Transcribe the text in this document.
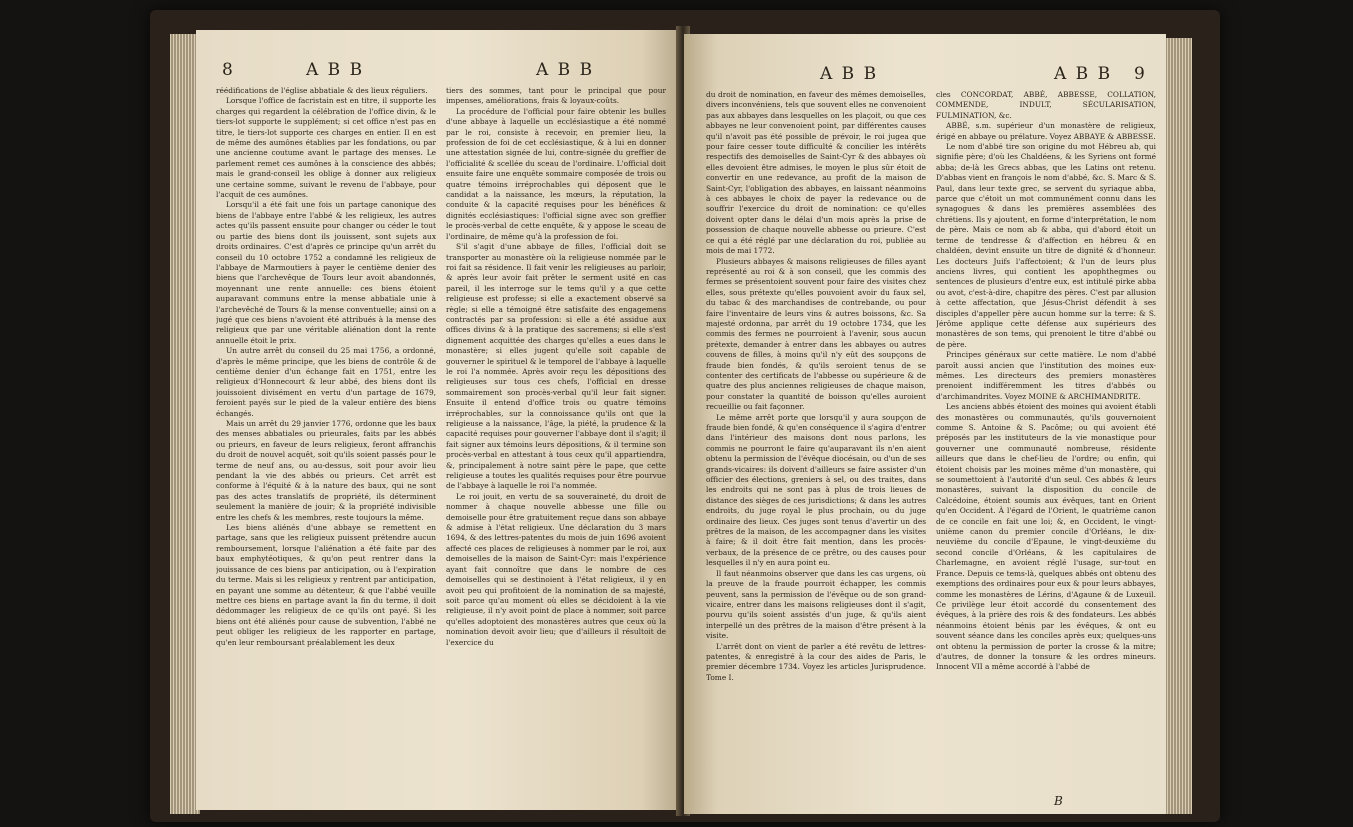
8	A B B	A B B

réédifications de l'église abbatiale & des lieux réguliers.

Lorsque l'office de facristain est en titre, il supporte les charges qui regardent la célébration de l'office divin, & le tiers-lot supporte le supplément; si cet office n'est pas en titre, le tiers-lot supporte ces charges en entier. Il en est de même des aumônes établies par les fondations, ou par une ancienne coutume avant le partage des menses. Le parlement remet ces aumônes à la conscience des abbés; mais le grand-conseil les oblige à donner aux religieux une certaine somme, suivant le revenu de l'abbaye, pour l'acquit de ces aumônes.

Lorsqu'il a été fait une fois un partage canonique des biens de l'abbaye entre l'abbé & les religieux, les autres actes qu'ils passent ensuite pour changer ou céder le tout ou partie des biens dont ils jouissent, sont sujets aux droits ordinaires. C'est d'après ce principe qu'un arrêt du conseil du 10 octobre 1752 a condamné les religieux de l'abbaye de Marmoutiers à payer le centième denier des biens que l'archevêque de Tours leur avoit abandonnés, moyennant une rente annuelle: ces biens étoient auparavant communs entre la mense abbatiale unie à l'archevêché de Tours & la mense conventuelle; ainsi on a jugé que ces biens n'avoient été attribués à la mense des religieux que par une véritable aliénation dont la rente annuelle étoit le prix.

Un autre arrêt du conseil du 25 mai 1756, a ordonné, d'après le même principe, que les biens de contrôle & de centième denier d'un échange fait en 1751, entre les religieux d'Honnecourt & leur abbé, des biens dont ils jouissoient divisément en vertu d'un partage de 1679, feroient payés sur le pied de la valeur entière des biens échangés.

Mais un arrêt du 29 janvier 1776, ordonne que les baux des menses abbatiales ou prieurales, faits par les abbés ou prieurs, en faveur de leurs religieux, feront affranchis du droit de nouvel acquêt, soit qu'ils soient passés pour le terme de neuf ans, ou au-dessus, soit pour avoir lieu pendant la vie des abbés ou prieurs. Cet arrêt est conforme à l'équité & à la nature des baux, qui ne sont pas des actes translatifs de propriété, ils déterminent seulement la manière de jouir; & la propriété indivisible entre les chefs & les membres, reste toujours la même.

Les biens aliénés d'une abbaye se remettent en partage, sans que les religieux puissent prétendre aucun remboursement, lorsque l'aliénation a été faite par des baux emphytéotiques, & qu'on peut rentrer dans la jouissance de ces biens par anticipation, ou à l'expiration du terme. Mais si les religieux y rentrent par anticipation, en payant une somme au détenteur, & que l'abbé veuille mettre ces biens en partage avant la fin du terme, il doit dédommager les religieux de ce qu'ils ont payé. Si les biens ont été aliénés pour cause de subvention, l'abbé ne peut obliger les religieux de les rapporter en partage, qu'en leur remboursant préalablement les deux

tiers des sommes, tant pour le principal que pour impenses, améliorations, frais & loyaux-coûts.

La procédure de l'official pour faire obtenir les bulles d'une abbaye à laquelle un ecclésiastique a été nommé par le roi, consiste à recevoir, en premier lieu, la profession de foi de cet ecclésiastique, & à lui en donner une attestation signée de lui, contre-signée du greffier de l'officialité & scellée du sceau de l'ordinaire. L'official doit ensuite faire une enquête sommaire composée de trois ou quatre témoins irréprochables qui déposent que le candidat a la naissance, les mœurs, la réputation, la conduite & la capacité requises pour les bénéfices & dignités ecclésiastiques: l'official signe avec son greffier le procès-verbal de cette enquête, & y appose le sceau de l'ordinaire, de même qu'à la profession de foi.

S'il s'agit d'une abbaye de filles, l'official doit se transporter au monastère où la religieuse nommée par le roi fait sa résidence. Il fait venir les religieuses au parloir, & après leur avoir fait prêter le serment usité en cas pareil, il les interroge sur le tems qu'il y a que cette religieuse est professe; si elle a exactement observé sa règle; si elle a témoigné être satisfaite des engagemens contractés par sa profession: si elle a été assidue aux offices divins & à la pratique des sacremens; si elle s'est dignement acquittée des charges qu'elles a eues dans le monastère; si elles jugent qu'elle soit capable de gouverner le spirituel & le temporel de l'abbaye à laquelle le roi l'a nommée. Après avoir reçu les dépositions des religieuses sur tous ces chefs, l'official en dresse sommairement son procès-verbal qu'il leur fait signer. Ensuite il entend d'office trois ou quatre témoins irréprochables, sur la connoissance qu'ils ont que la religieuse a la naissance, l'âge, la piété, la prudence & la capacité requises pour gouverner l'abbaye dont il s'agit; il fait signer aux témoins leurs dépositions, & il termine son procès-verbal en attestant à tous ceux qu'il appartiendra, &, principalement à notre saint père le pape, que cette religieuse a toutes les qualités requises pour être pourvue de l'abbaye à laquelle le roi l'a nommée.

Le roi jouit, en vertu de sa souveraineté, du droit de nommer à chaque nouvelle abbesse une fille ou demoiselle pour être gratuitement reçue dans son abbaye & admise à l'état religieux. Une déclaration du 3 mars 1694, & des lettres-patentes du mois de juin 1696 avoient affecté ces places de religieuses à nommer par le roi, aux demoiselles de la maison de Saint-Cyr: mais l'expérience ayant fait connoître que dans le nombre de ces demoiselles qui se destinoient à l'état religieux, il y en avoit peu qui profitoient de la nomination de sa majesté, soit parce qu'au moment où elles se décidoient à la vie religieuse, il n'y avoit point de place à nommer, soit parce qu'elles adoptoient des monastères autres que ceux où la nomination devoit avoir lieu; que d'ailleurs il résultoit de l'exercice du

A B B	A B B 9

du droit de nomination, en faveur des mêmes demoiselles, divers inconvéniens, tels que souvent elles ne convenoient pas aux abbayes dans lesquelles on les plaçoit, ou que ces abbayes ne leur convenoient point, par différentes causes qu'il n'avoit pas été possible de prévoir, le roi jugea que pour faire cesser toute difficulté & concilier les intérêts respectifs des demoiselles de Saint-Cyr & des abbayes où elles devoient être admises, le moyen le plus sûr étoit de convertir en une redevance, au profit de la maison de Saint-Cyr, l'obligation des abbayes, en laissant néanmoins à ces abbayes le choix de payer la redevance ou de souffrir l'exercice du droit de nomination: ce qu'elles doivent opter dans le délai d'un mois après la prise de possession de chaque nouvelle abbesse ou prieure. C'est ce qui a été réglé par une déclaration du roi, publiée au mois de mai 1772.

Plusieurs abbayes & maisons religieuses de filles ayant représenté au roi & à son conseil, que les commis des fermes se présentoient souvent pour faire des visites chez elles, sous prétexte qu'elles pouvoient avoir du faux sel, du tabac & des marchandises de contrebande, ou pour faire l'inventaire de leurs vins & autres boissons, &c. Sa majesté ordonna, par arrêt du 19 octobre 1734, que les commis des fermes ne pourroient à l'avenir, sous aucun prétexte, demander à entrer dans les abbayes ou autres couvens de filles, à moins qu'il n'y eût des soupçons de fraude bien fondés, & qu'ils seroient tenus de se contenter des certificats de l'abbesse ou supérieure & de quatre des plus anciennes religieuses de chaque maison, pour constater la quantité de boisson qu'elles auroient recueillie ou fait façonner.

Le même arrêt porte que lorsqu'il y aura soupçon de fraude bien fondé, & qu'en conséquence il s'agira d'entrer dans l'intérieur des maisons dont nous parlons, les commis ne pourront le faire qu'auparavant ils n'en aient obtenu la permission de l'évêque diocésain, ou d'un de ses grands-vicaires: ils doivent d'ailleurs se faire assister d'un officier des élections, greniers à sel, ou des traites, dans les endroits qui ne sont pas à plus de trois lieues de distance des sièges de ces jurisdictions; & dans les autres endroits, du juge royal le plus prochain, ou du juge ordinaire des lieux. Ces juges sont tenus d'avertir un des prêtres de la maison, de les accompagner dans les visites à faire; & il doit être fait mention, dans les procès-verbaux, de la présence de ce prêtre, ou des causes pour lesquelles il n'y en aura point eu.

Il faut néanmoins observer que dans les cas urgens, où la preuve de la fraude pourroit échapper, les commis peuvent, sans la permission de l'évêque ou de son grand-vicaire, entrer dans les maisons religieuses dont il s'agit, pourvu qu'ils soient assistés d'un juge, & qu'ils aient interpellé un des prêtres de la maison d'être présent à la visite.

L'arrêt dont on vient de parler a été revêtu de lettres-patentes, & enregistré à la cour des aides de Paris, le premier décembre 1734. Voyez les articles Jurisprudence. Tome I.

cles CONCORDAT, ABBÉ, ABBESSE, COLLATION, COMMENDE, INDULT, SÉCULARISATION, FULMINATION, &c.

ABBÉ, s.m. supérieur d'un monastère de religieux, érigé en abbaye ou prélature. Voyez ABBAYE & ABBESSE.

Le nom d'abbé tire son origine du mot Hébreu ab, qui signifie père; d'où les Chaldéens, & les Syriens ont formé abba; de-là les Grecs abbas, que les Latins ont retenu. D'abbas vient en françois le nom d'abbé, &c. S. Marc & S. Paul, dans leur texte grec, se servent du syriaque abba, parce que c'étoit un mot communément connu dans les synagogues & dans les premières assemblées des chrétiens. Ils y ajoutent, en forme d'interprétation, le nom de père. Mais ce nom ab & abba, qui d'abord étoit un terme de tendresse & d'affection en hébreu & en chaldéen, devint ensuite un titre de dignité & d'honneur. Les docteurs Juifs l'affectoient; & l'un de leurs plus anciens livres, qui contient les apophthegmes ou sentences de plusieurs d'entre eux, est intitulé pirke abba ou avot, c'est-à-dire, chapitre des pères. C'est par allusion à cette affectation, que Jésus-Christ défendit à ses disciples d'appeller père aucun homme sur la terre: & S. Jérôme applique cette défense aux supérieurs des monastères de son tems, qui prenoient le titre d'abbé ou de père.

Principes généraux sur cette matière. Le nom d'abbé paroît aussi ancien que l'institution des moines eux-mêmes. Les directeurs des premiers monastères prenoient indifféremment les titres d'abbés ou d'archimandrites. Voyez MOINE & ARCHIMANDRITE.

Les anciens abbés étoient des moines qui avoient établi des monastères ou communautés, qu'ils gouvernoient comme S. Antoine & S. Pacôme; ou qui avoient été préposés par les instituteurs de la vie monastique pour gouverner une communauté nombreuse, résidente ailleurs que dans le chef-lieu de l'ordre; ou enfin, qui étoient choisis par les moines même d'un monastère, qui se soumettoient à l'autorité d'un seul. Ces abbés & leurs monastères, suivant la disposition du concile de Calcédoine, étoient soumis aux évêques, tant en Orient qu'en Occident. À l'égard de l'Orient, le quatrième canon de ce concile en fait une loi; &, en Occident, le vingt-unième canon du premier concile d'Orléans, le dix-neuvième du concile d'Epaune, le vingt-deuxième du second concile d'Orléans, & les capitulaires de Charlemagne, en avoient réglé l'usage, sur-tout en France. Depuis ce tems-là, quelques abbés ont obtenu des exemptions des ordinaires pour eux & pour leurs abbayes, comme les monastères de Lérins, d'Agaune & de Luxeuil. Ce privilège leur étoit accordé du consentement des évêques, à la prière des rois & des fondateurs. Les abbés néanmoins étoient bénis par les évêques, & ont eu souvent séance dans les conciles après eux; quelques-uns ont obtenu la permission de porter la crosse & la mitre; d'autres, de donner la tonsure & les ordres mineurs. Innocent VII a même accordé à l'abbé de

B
